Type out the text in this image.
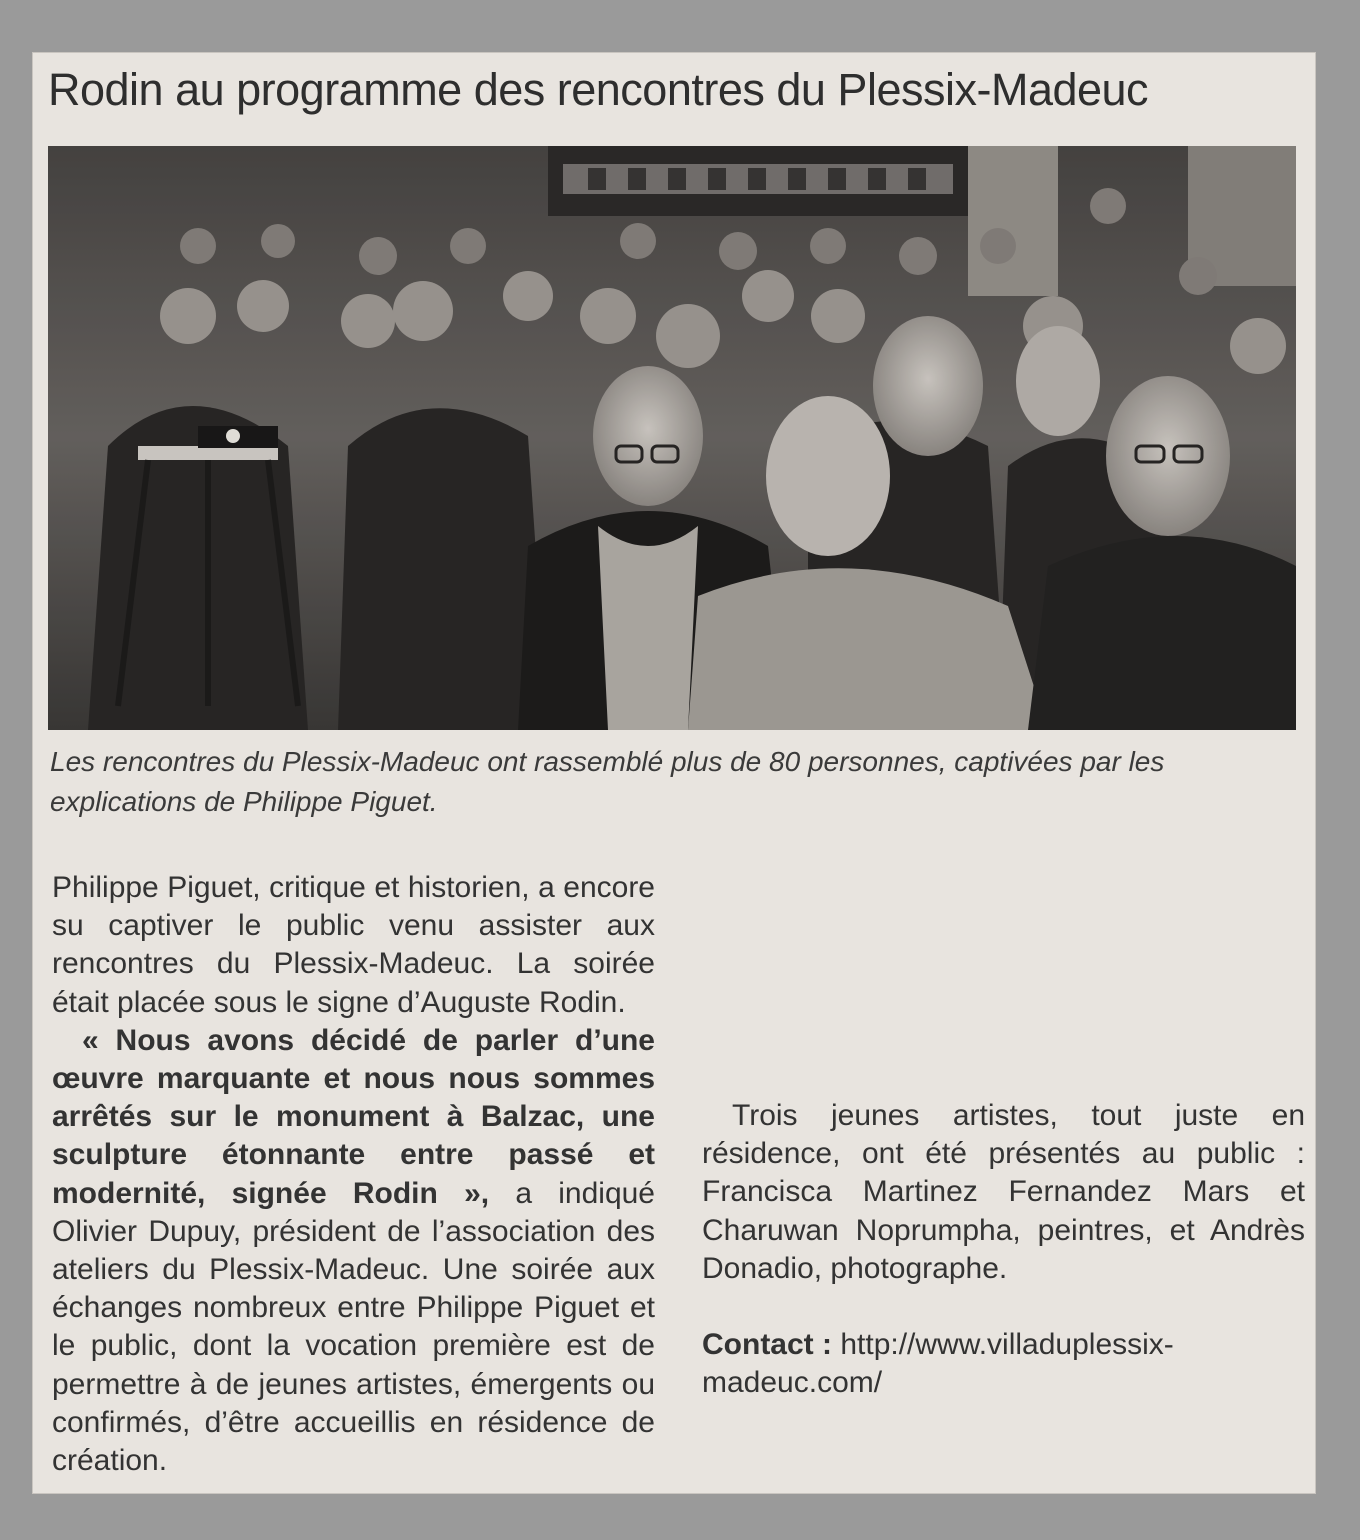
Rodin au programme des rencontres du Plessix-Madeuc

Les rencontres du Plessix-Madeuc ont rassemblé plus de 80 personnes, captivées par les explications de Philippe Piguet.

Philippe Piguet, critique et historien, a encore su captiver le public venu assister aux rencontres du Plessix-Madeuc. La soirée était placée sous le signe d’Auguste Rodin.

« Nous avons décidé de parler d’une œuvre marquante et nous nous sommes arrêtés sur le monument à Balzac, une sculpture étonnante entre passé et modernité, signée Rodin », a indiqué Olivier Dupuy, président de l’association des ateliers du Plessix-Madeuc. Une soirée aux échanges nombreux entre Philippe Piguet et le public, dont la vocation première est de permettre à de jeunes artistes, émergents ou confirmés, d’être accueillis en résidence de création.

Trois jeunes artistes, tout juste en résidence, ont été présentés au public : Francisca Martinez Fernandez Mars et Charuwan Noprumpha, peintres, et Andrès Donadio, photographe.

Contact : http://www.villaduplessix-madeuc.com/
